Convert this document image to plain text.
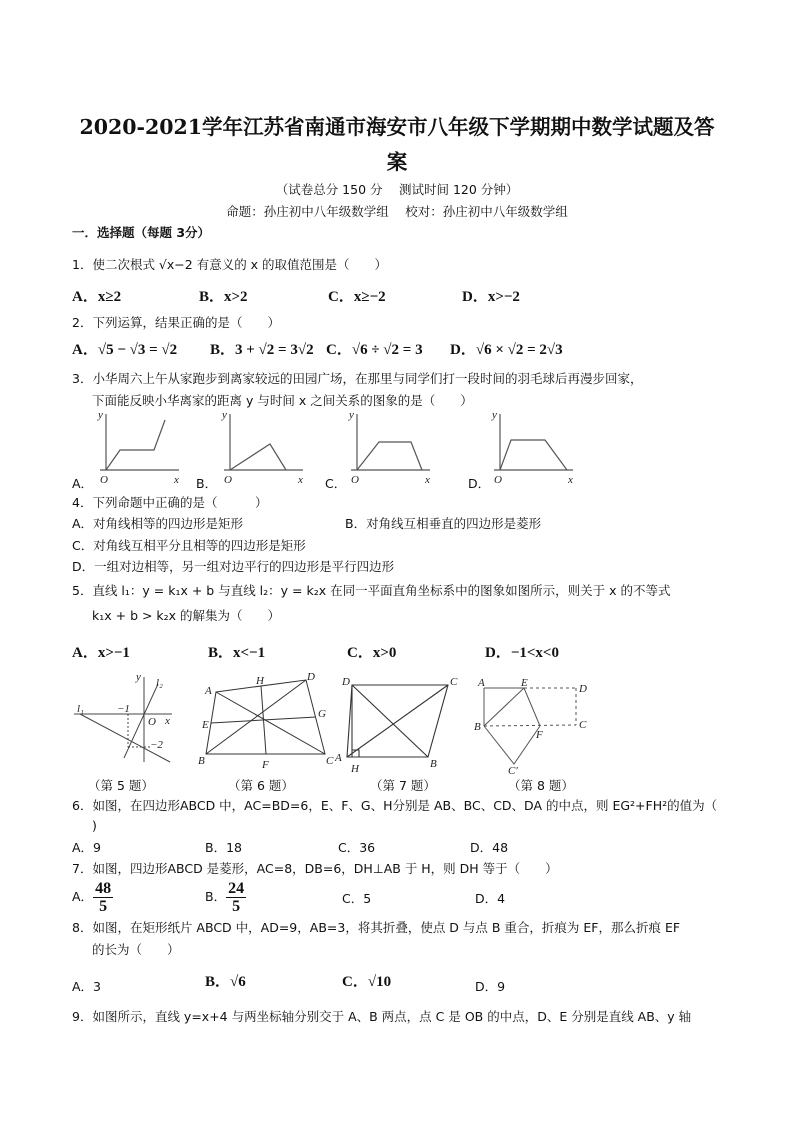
2020-2021学年江苏省南通市海安市八年级下学期期中数学试题及答
案
（试卷总分 150 分　 测试时间 120 分钟）
命题：孙庄初中八年级数学组　 校对：孙庄初中八年级数学组
一．选择题（每题 3分）
1．使二次根式 √x−2 有意义的 x 的取值范围是（　　）
A．x≥2	B．x>2	C．x≥−2	D．x>−2
2．下列运算，结果正确的是（　　）
A．√5 − √3 = √2 B．3 + √2 = 3√2 C．√6 ÷ √2 = 3 D．√6 × √2 = 2√3
3．小华周六上午从家跑步到离家较远的田园广场，在那里与同学们打一段时间的羽毛球后再漫步回家，
下面能反映小华离家的距离 y 与时间 x 之间关系的图象的是（　　）
A．	B．	C．	D．
y
x
O
y
x
O
y
x
O
y
x
O
4．下列命题中正确的是（　　　）
A．对角线相等的四边形是矩形	B．对角线互相垂直的四边形是菱形
C．对角线互相平分且相等的四边形是矩形
D．一组对边相等，另一组对边平行的四边形是平行四边形
5．直线 l₁：y = k₁x + b 与直线 l₂：y = k₂x 在同一平面直角坐标系中的图象如图所示，则关于 x 的不等式
k₁x + b > k₂x 的解集为（　　）
A．x>−1	B．x<−1	C．x>0	D．−1<x<0
l₁
l₂
−1
O x
y
−2
A
H	D
E
G
B	F	C
D	C
A	B
H
A	E	D
B
F
C
C′
（第 5 题）	（第 6 题）	（第 7 题）	（第 8 题）
6．如图，在四边形ABCD 中，AC=BD=6，E、F、G、H分别是 AB、BC、CD、DA 的中点，则 EG²+FH²的值为（
)
A．9	B．18	C．36	D．48
7．如图，四边形ABCD 是菱形，AC=8，DB=6，DH⊥AB 于 H，则 DH 等于（　　）
A． $\frac{48}{5}$	B． $\frac{24}{5}$	C．5	D．4
8．如图，在矩形纸片 ABCD 中，AD=9，AB=3，将其折叠，使点 D 与点 B 重合，折痕为 EF，那么折痕 EF
的长为（　　）
A．3	B．√6	C．√10	D．9
9．如图所示，直线 y=x+4 与两坐标轴分别交于 A、B 两点，点 C 是 OB 的中点，D、E 分别是直线 AB、y 轴
